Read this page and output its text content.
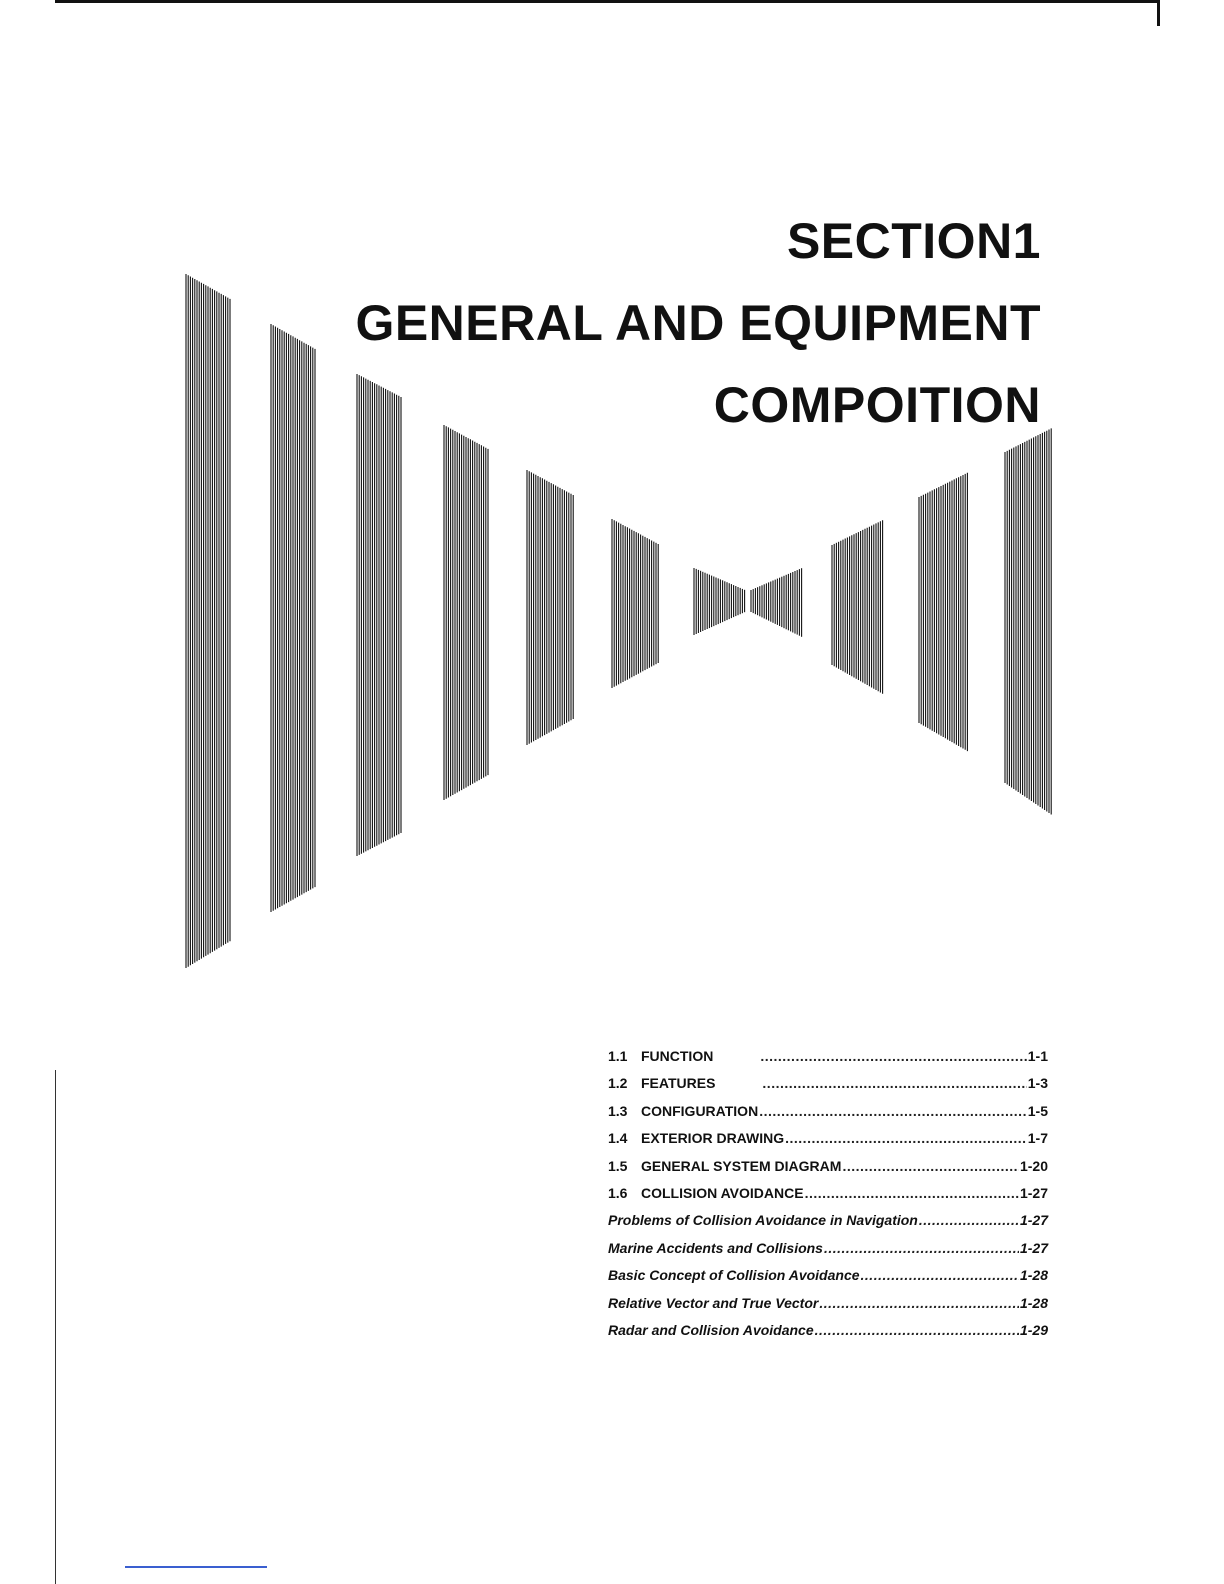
SECTION1
GENERAL AND EQUIPMENT
COMPOITION
1.1 FUNCTION .....	1-1
1.2 FEATURES .....	1-3
1.3 CONFIGURATION .....	1-5
1.4 EXTERIOR DRAWING .....	1-7
1.5 GENERAL SYSTEM DIAGRAM .....	1-20
1.6 COLLISION AVOIDANCE .....	1-27
Problems of Collision Avoidance in Navigation .....	1-27
Marine Accidents and Collisions .....	1-27
Basic Concept of Collision Avoidance .....	1-28
Relative Vector and True Vector .....	1-28
Radar and Collision Avoidance .....	1-29
